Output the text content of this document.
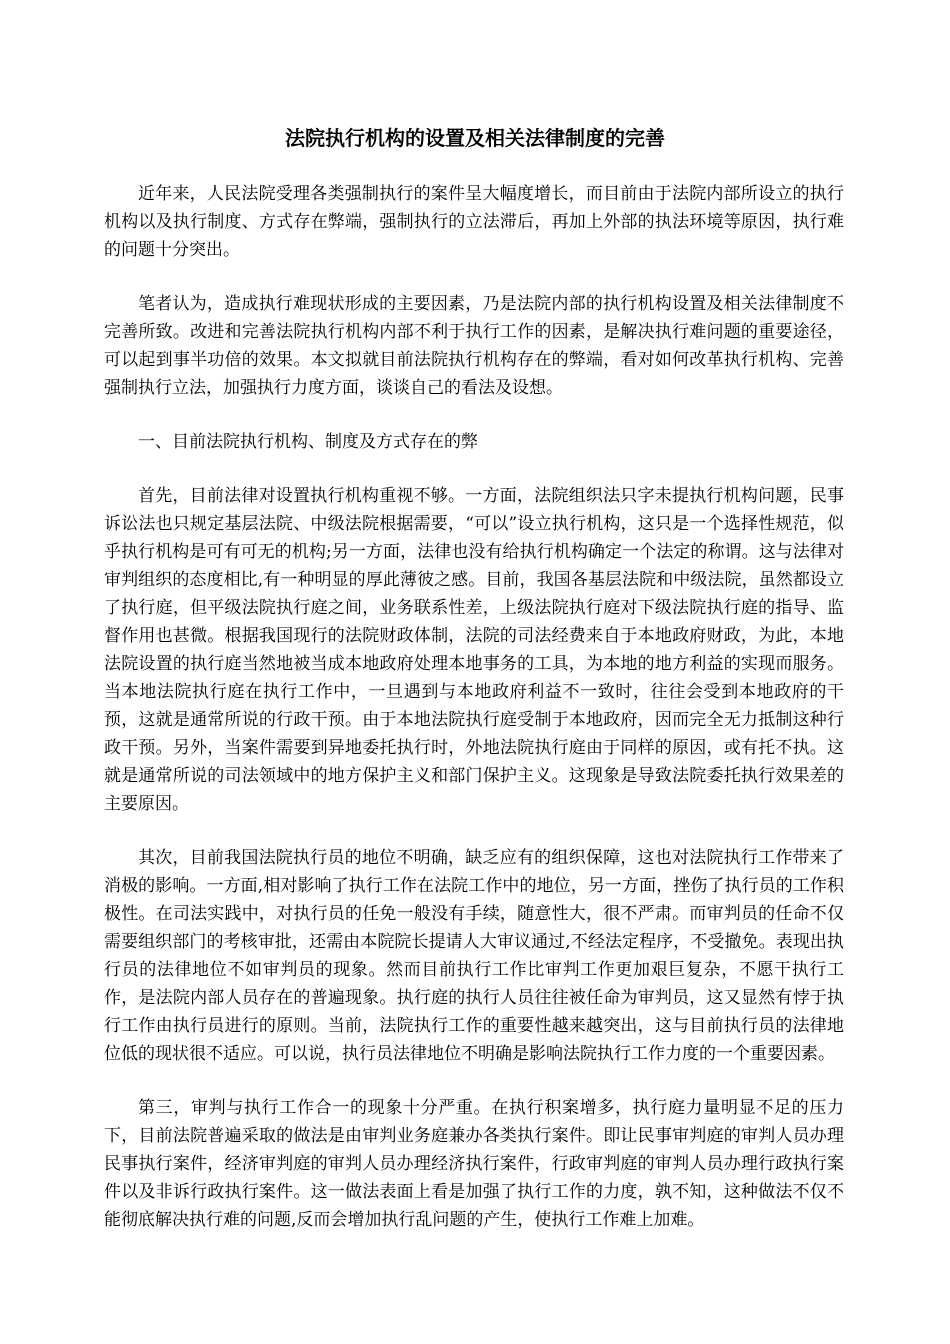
法院执行机构的设置及相关法律制度的完善

近年来，人民法院受理各类强制执行的案件呈大幅度增长，而目前由于法院内部所设立的执行机构以及执行制度、方式存在弊端，强制执行的立法滞后，再加上外部的执法环境等原因，执行难的问题十分突出。

笔者认为，造成执行难现状形成的主要因素，乃是法院内部的执行机构设置及相关法律制度不完善所致。改进和完善法院执行机构内部不利于执行工作的因素，是解决执行难问题的重要途径，可以起到事半功倍的效果。本文拟就目前法院执行机构存在的弊端，看对如何改革执行机构、完善强制执行立法，加强执行力度方面，谈谈自己的看法及设想。

一、目前法院执行机构、制度及方式存在的弊

首先，目前法律对设置执行机构重视不够。一方面，法院组织法只字未提执行机构问题，民事诉讼法也只规定基层法院、中级法院根据需要，“可以”设立执行机构，这只是一个选择性规范，似乎执行机构是可有可无的机构;另一方面，法律也没有给执行机构确定一个法定的称谓。这与法律对审判组织的态度相比,有一种明显的厚此薄彼之感。目前，我国各基层法院和中级法院，虽然都设立了执行庭，但平级法院执行庭之间，业务联系性差，上级法院执行庭对下级法院执行庭的指导、监督作用也甚微。根据我国现行的法院财政体制，法院的司法经费来自于本地政府财政，为此，本地法院设置的执行庭当然地被当成本地政府处理本地事务的工具，为本地的地方利益的实现而服务。当本地法院执行庭在执行工作中，一旦遇到与本地政府利益不一致时，往往会受到本地政府的干预，这就是通常所说的行政干预。由于本地法院执行庭受制于本地政府，因而完全无力抵制这种行政干预。另外，当案件需要到异地委托执行时，外地法院执行庭由于同样的原因，或有托不执。这就是通常所说的司法领域中的地方保护主义和部门保护主义。这现象是导致法院委托执行效果差的主要原因。

其次，目前我国法院执行员的地位不明确，缺乏应有的组织保障，这也对法院执行工作带来了消极的影响。一方面,相对影响了执行工作在法院工作中的地位，另一方面，挫伤了执行员的工作积极性。在司法实践中，对执行员的任免一般没有手续，随意性大，很不严肃。而审判员的任命不仅需要组织部门的考核审批，还需由本院院长提请人大审议通过,不经法定程序，不受撤免。表现出执行员的法律地位不如审判员的现象。然而目前执行工作比审判工作更加艰巨复杂，不愿干执行工作，是法院内部人员存在的普遍现象。执行庭的执行人员往往被任命为审判员，这又显然有悖于执行工作由执行员进行的原则。当前，法院执行工作的重要性越来越突出，这与目前执行员的法律地位低的现状很不适应。可以说，执行员法律地位不明确是影响法院执行工作力度的一个重要因素。

第三，审判与执行工作合一的现象十分严重。在执行积案增多，执行庭力量明显不足的压力下，目前法院普遍采取的做法是由审判业务庭兼办各类执行案件。即让民事审判庭的审判人员办理民事执行案件，经济审判庭的审判人员办理经济执行案件，行政审判庭的审判人员办理行政执行案件以及非诉行政执行案件。这一做法表面上看是加强了执行工作的力度，孰不知，这种做法不仅不能彻底解决执行难的问题,反而会增加执行乱问题的产生，使执行工作难上加难。
